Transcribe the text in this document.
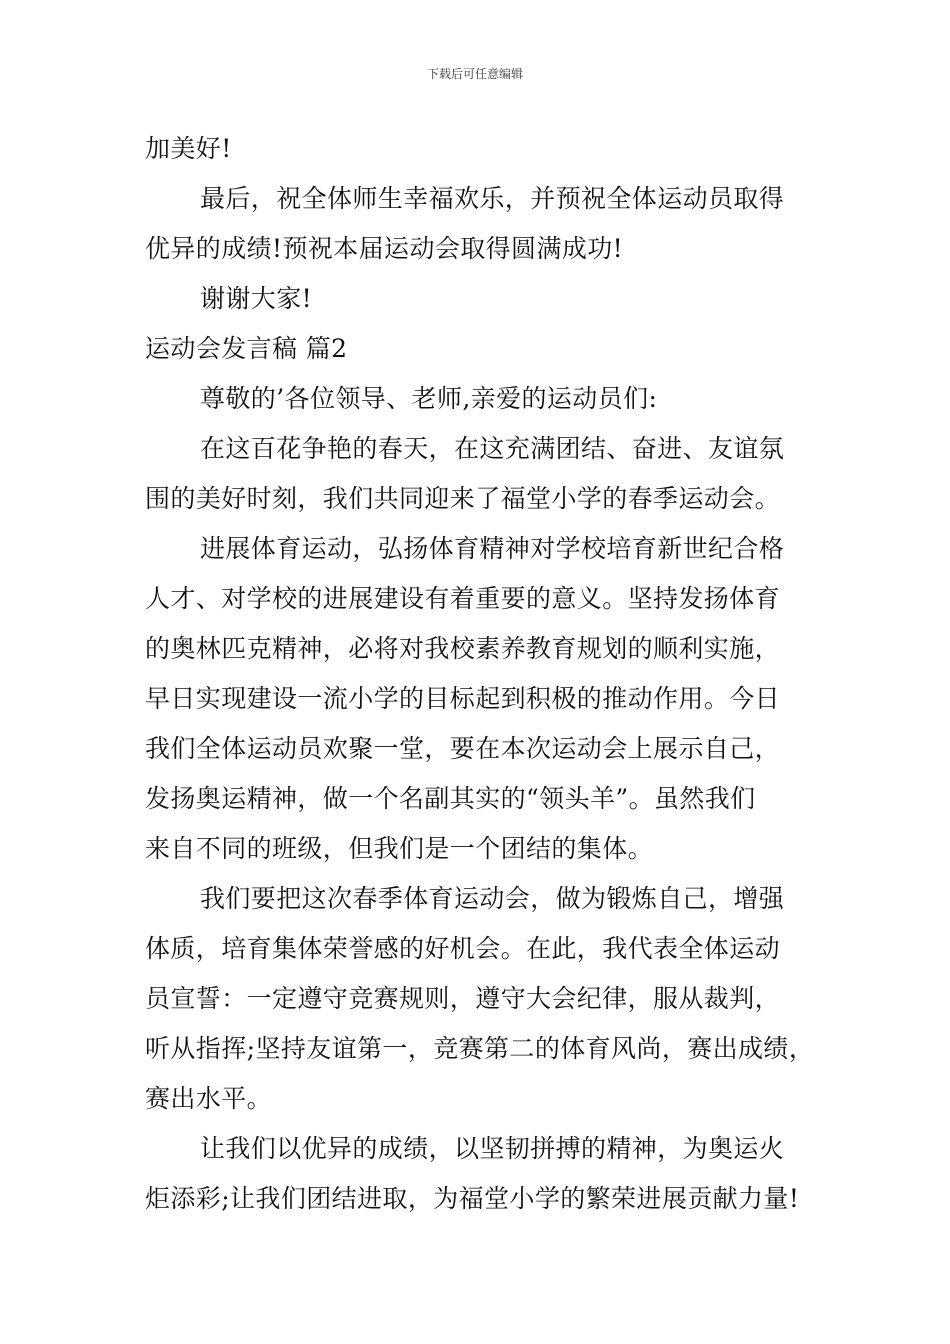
下载后可任意编辑
加美好!
最后，祝全体师生幸福欢乐，并预祝全体运动员取得
优异的成绩!预祝本届运动会取得圆满成功!
谢谢大家!
运动会发言稿 篇2
尊敬的’各位领导、老师,亲爱的运动员们:
在这百花争艳的春天，在这充满团结、奋进、友谊氛
围的美好时刻，我们共同迎来了福堂小学的春季运动会。
进展体育运动，弘扬体育精神对学校培育新世纪合格
人才、对学校的进展建设有着重要的意义。坚持发扬体育
的奥林匹克精神，必将对我校素养教育规划的顺利实施，
早日实现建设一流小学的目标起到积极的推动作用。今日
我们全体运动员欢聚一堂，要在本次运动会上展示自己，
发扬奥运精神，做一个名副其实的“领头羊”。虽然我们
来自不同的班级，但我们是一个团结的集体。
我们要把这次春季体育运动会，做为锻炼自己，增强
体质，培育集体荣誉感的好机会。在此，我代表全体运动
员宣誓：一定遵守竞赛规则，遵守大会纪律，服从裁判，
听从指挥;坚持友谊第一，竞赛第二的体育风尚，赛出成绩，
赛出水平。
让我们以优异的成绩，以坚韧拼搏的精神，为奥运火
炬添彩;让我们团结进取，为福堂小学的繁荣进展贡献力量!
